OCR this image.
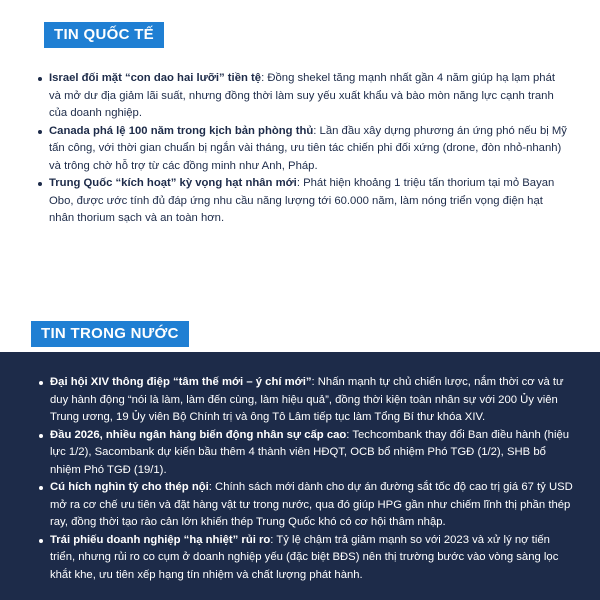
TIN QUỐC TẾ
Israel đối mặt “con dao hai lưỡi” tiền tệ: Đồng shekel tăng mạnh nhất gần 4 năm giúp hạ lạm phát và mở dư địa giảm lãi suất, nhưng đồng thời làm suy yếu xuất khẩu và bào mòn năng lực cạnh tranh của doanh nghiệp.
Canada phá lệ 100 năm trong kịch bản phòng thủ: Lần đầu xây dựng phương án ứng phó nếu bị Mỹ tấn công, với thời gian chuẩn bị ngắn vài tháng, ưu tiên tác chiến phi đối xứng (drone, đòn nhỏ-nhanh) và trông chờ hỗ trợ từ các đồng minh như Anh, Pháp.
Trung Quốc “kích hoạt” kỳ vọng hạt nhân mới: Phát hiện khoảng 1 triệu tấn thorium tại mỏ Bayan Obo, được ước tính đủ đáp ứng nhu cầu năng lượng tới 60.000 năm, làm nóng triển vọng điện hạt nhân thorium sạch và an toàn hơn.
TIN TRONG NƯỚC
Đại hội XIV thông điệp “tâm thế mới – ý chí mới”: Nhấn mạnh tự chủ chiến lược, nắm thời cơ và tư duy hành động “nói là làm, làm đến cùng, làm hiệu quả”, đồng thời kiện toàn nhân sự với 200 Ủy viên Trung ương, 19 Ủy viên Bộ Chính trị và ông Tô Lâm tiếp tục làm Tổng Bí thư khóa XIV.
Đầu 2026, nhiều ngân hàng biến động nhân sự cấp cao: Techcombank thay đổi Ban điều hành (hiệu lực 1/2), Sacombank dự kiến bầu thêm 4 thành viên HĐQT, OCB bổ nhiệm Phó TGĐ (1/2), SHB bổ nhiệm Phó TGĐ (19/1).
Cú hích nghìn tỷ cho thép nội: Chính sách mới dành cho dự án đường sắt tốc độ cao trị giá 67 tỷ USD mở ra cơ chế ưu tiên và đặt hàng vật tư trong nước, qua đó giúp HPG gần như chiếm lĩnh thị phần thép ray, đồng thời tạo rào cản lớn khiến thép Trung Quốc khó có cơ hội thâm nhập.
Trái phiếu doanh nghiệp “hạ nhiệt” rủi ro: Tỷ lệ chậm trả giảm mạnh so với 2023 và xử lý nợ tiến triển, nhưng rủi ro co cụm ở doanh nghiệp yếu (đặc biệt BĐS) nên thị trường bước vào vòng sàng lọc khắt khe, ưu tiên xếp hạng tín nhiệm và chất lượng phát hành.
